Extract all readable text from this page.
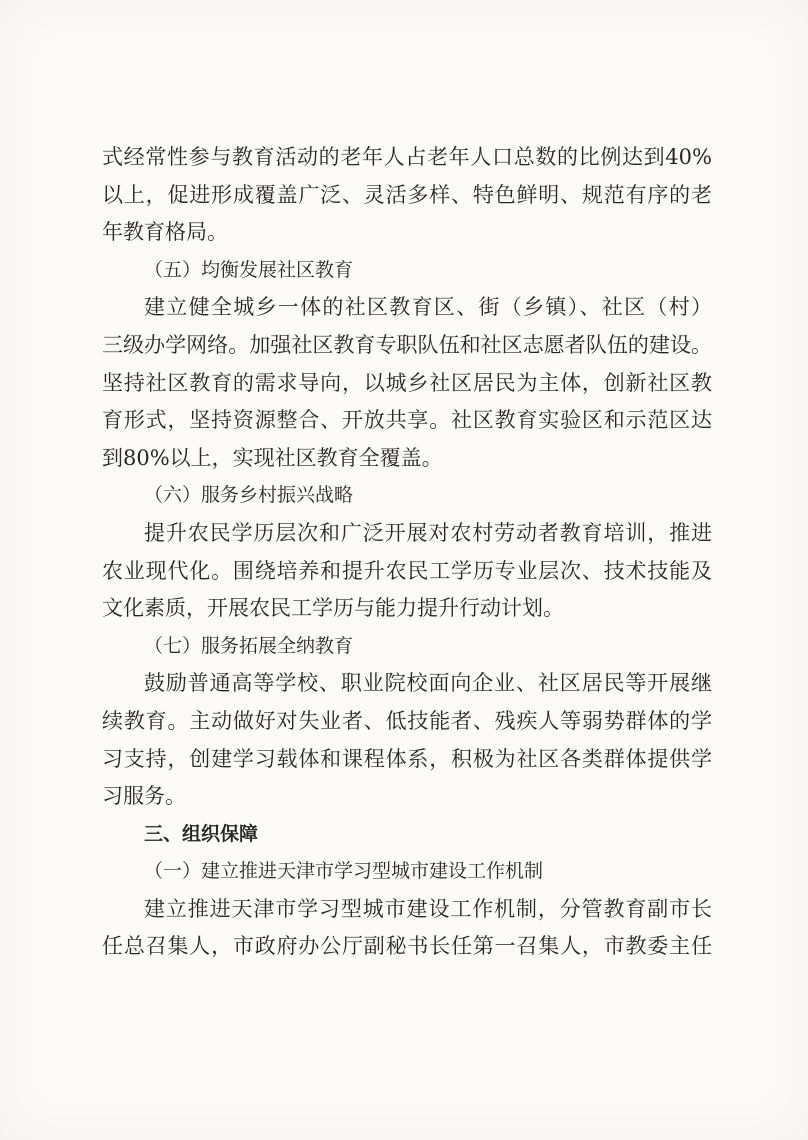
式经常性参与教育活动的老年人占老年人口总数的比例达到40%
以上，促进形成覆盖广泛、灵活多样、特色鲜明、规范有序的老
年教育格局。
（五）均衡发展社区教育
建立健全城乡一体的社区教育区、街（乡镇）、社区（村）
三级办学网络。加强社区教育专职队伍和社区志愿者队伍的建设。
坚持社区教育的需求导向，以城乡社区居民为主体，创新社区教
育形式，坚持资源整合、开放共享。社区教育实验区和示范区达
到80%以上，实现社区教育全覆盖。
（六）服务乡村振兴战略
提升农民学历层次和广泛开展对农村劳动者教育培训，推进
农业现代化。围绕培养和提升农民工学历专业层次、技术技能及
文化素质，开展农民工学历与能力提升行动计划。
（七）服务拓展全纳教育
鼓励普通高等学校、职业院校面向企业、社区居民等开展继
续教育。主动做好对失业者、低技能者、残疾人等弱势群体的学
习支持，创建学习载体和课程体系，积极为社区各类群体提供学
习服务。
三、组织保障
（一）建立推进天津市学习型城市建设工作机制
建立推进天津市学习型城市建设工作机制，分管教育副市长
任总召集人，市政府办公厅副秘书长任第一召集人，市教委主任
